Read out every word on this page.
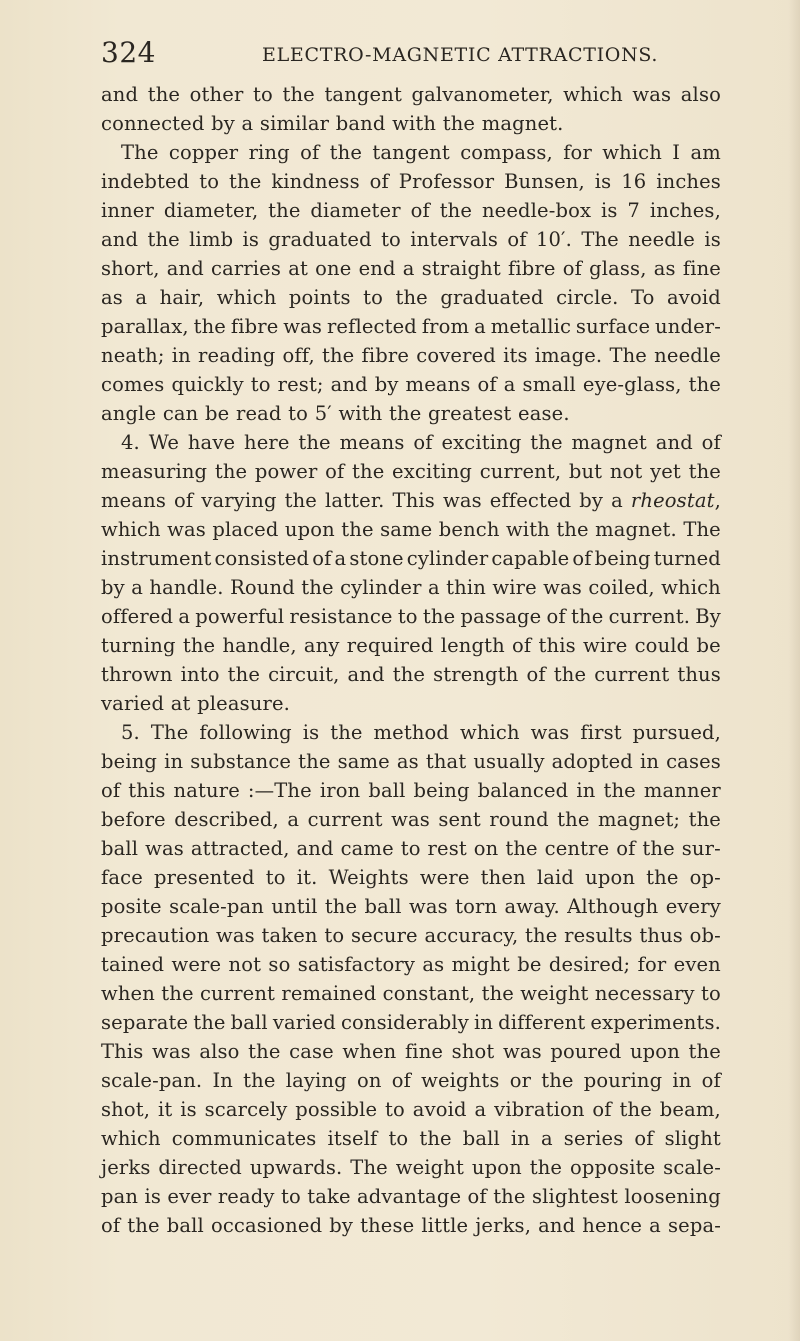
324	ELECTRO-MAGNETIC ATTRACTIONS.
and the other to the tangent galvanometer, which was also
connected by a similar band with the magnet.
The copper ring of the tangent compass, for which I am
indebted to the kindness of Professor Bunsen, is 16 inches
inner diameter, the diameter of the needle-box is 7 inches,
and the limb is graduated to intervals of 10′. The needle is
short, and carries at one end a straight fibre of glass, as fine
as a hair, which points to the graduated circle. To avoid
parallax, the fibre was reflected from a metallic surface under-
neath; in reading off, the fibre covered its image. The needle
comes quickly to rest; and by means of a small eye-glass, the
angle can be read to 5′ with the greatest ease.
4. We have here the means of exciting the magnet and of
measuring the power of the exciting current, but not yet the
means of varying the latter. This was effected by a rheostat,
which was placed upon the same bench with the magnet. The
instrument consisted of a stone cylinder capable of being turned
by a handle. Round the cylinder a thin wire was coiled, which
offered a powerful resistance to the passage of the current. By
turning the handle, any required length of this wire could be
thrown into the circuit, and the strength of the current thus
varied at pleasure.
5. The following is the method which was first pursued,
being in substance the same as that usually adopted in cases
of this nature :—The iron ball being balanced in the manner
before described, a current was sent round the magnet; the
ball was attracted, and came to rest on the centre of the sur-
face presented to it. Weights were then laid upon the op-
posite scale-pan until the ball was torn away. Although every
precaution was taken to secure accuracy, the results thus ob-
tained were not so satisfactory as might be desired; for even
when the current remained constant, the weight necessary to
separate the ball varied considerably in different experiments.
This was also the case when fine shot was poured upon the
scale-pan. In the laying on of weights or the pouring in of
shot, it is scarcely possible to avoid a vibration of the beam,
which communicates itself to the ball in a series of slight
jerks directed upwards. The weight upon the opposite scale-
pan is ever ready to take advantage of the slightest loosening
of the ball occasioned by these little jerks, and hence a sepa-
